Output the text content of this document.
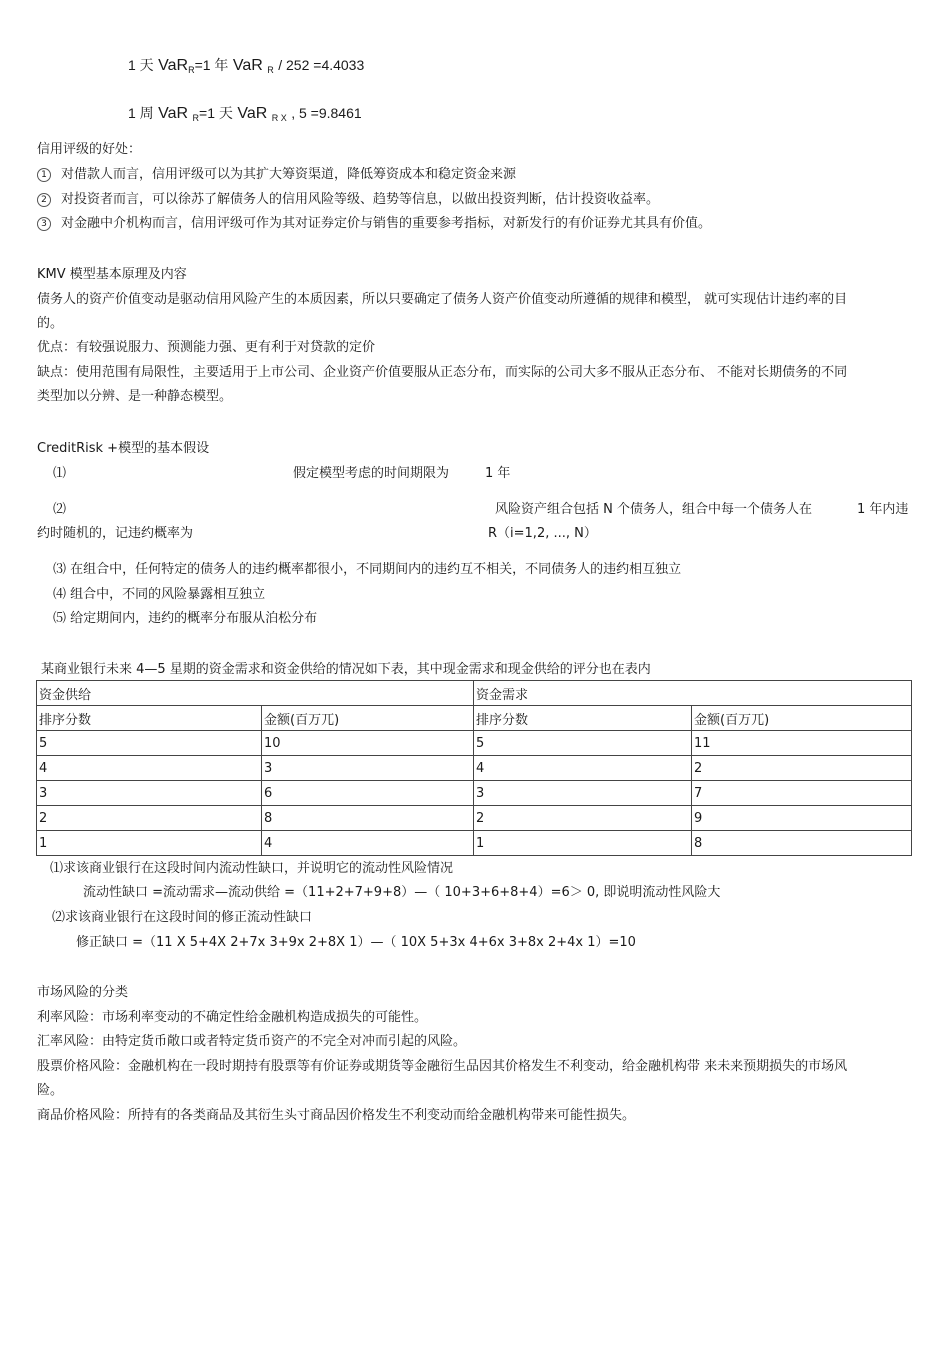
1 天 VaRR=1 年 VaR R / 252 =4.4033
1 周 VaR R=1 天 VaR R X , 5 =9.8461
信用评级的好处：
1 对借款人而言，信用评级可以为其扩大筹资渠道，降低筹资成本和稳定资金来源
2 对投资者而言，可以徐苏了解债务人的信用风险等级、趋势等信息，以做出投资判断，估计投资收益率。
3 对金融中介机构而言，信用评级可作为其对证券定价与销售的重要参考指标，对新发行的有价证券尤其具有价值。
KMV 模型基本原理及内容
债务人的资产价值变动是驱动信用风险产生的本质因素，所以只要确定了债务人资产价值变动所遵循的规律和模型， 就可实现估计违约率的目
的。
优点：有较强说服力、预测能力强、更有利于对贷款的定价
缺点：使用范围有局限性，主要适用于上市公司、企业资产价值要服从正态分布，而实际的公司大多不服从正态分布、 不能对长期债务的不同
类型加以分辨、是一种静态模型。
CreditRisk +模型的基本假设
⑴	假定模型考虑的时间期限为	1 年
⑵	风险资产组合包括 N 个债务人，组合中每一个债务人在	1 年内违
约时随机的，记违约概率为	R（i=1,2, ..., N）
⑶ 在组合中，任何特定的债务人的违约概率都很小，不同期间内的违约互不相关，不同债务人的违约相互独立
⑷ 组合中，不同的风险暴露相互独立
⑸ 给定期间内，违约的概率分布服从泊松分布
某商业银行未来 4—5 星期的资金需求和资金供给的情况如下表，其中现金需求和现金供给的评分也在表内
资金供给		资金需求	
排序分数	金额(百万兀)	排序分数	金额(百万兀)
5	10	5	11
4	3	4	2
3	6	3	7
2	8	2	9
1	4	1	8
⑴求该商业银行在这段时间内流动性缺口，并说明它的流动性风险情况
流动性缺口 =流动需求—流动供给 =（11+2+7+9+8）—（ 10+3+6+8+4）=6＞ 0, 即说明流动性风险大
⑵求该商业银行在这段时间的修正流动性缺口
修正缺口 =（11 X 5+4X 2+7x 3+9x 2+8X 1）—（ 10X 5+3x 4+6x 3+8x 2+4x 1）=10
市场风险的分类
利率风险：市场利率变动的不确定性给金融机构造成损失的可能性。
汇率风险：由特定货币敞口或者特定货币资产的不完全对冲而引起的风险。
股票价格风险：金融机构在一段时期持有股票等有价证券或期货等金融衍生品因其价格发生不利变动，给金融机构带 来未来预期损失的市场风
险。
商品价格风险：所持有的各类商品及其衍生头寸商品因价格发生不利变动而给金融机构带来可能性损失。
